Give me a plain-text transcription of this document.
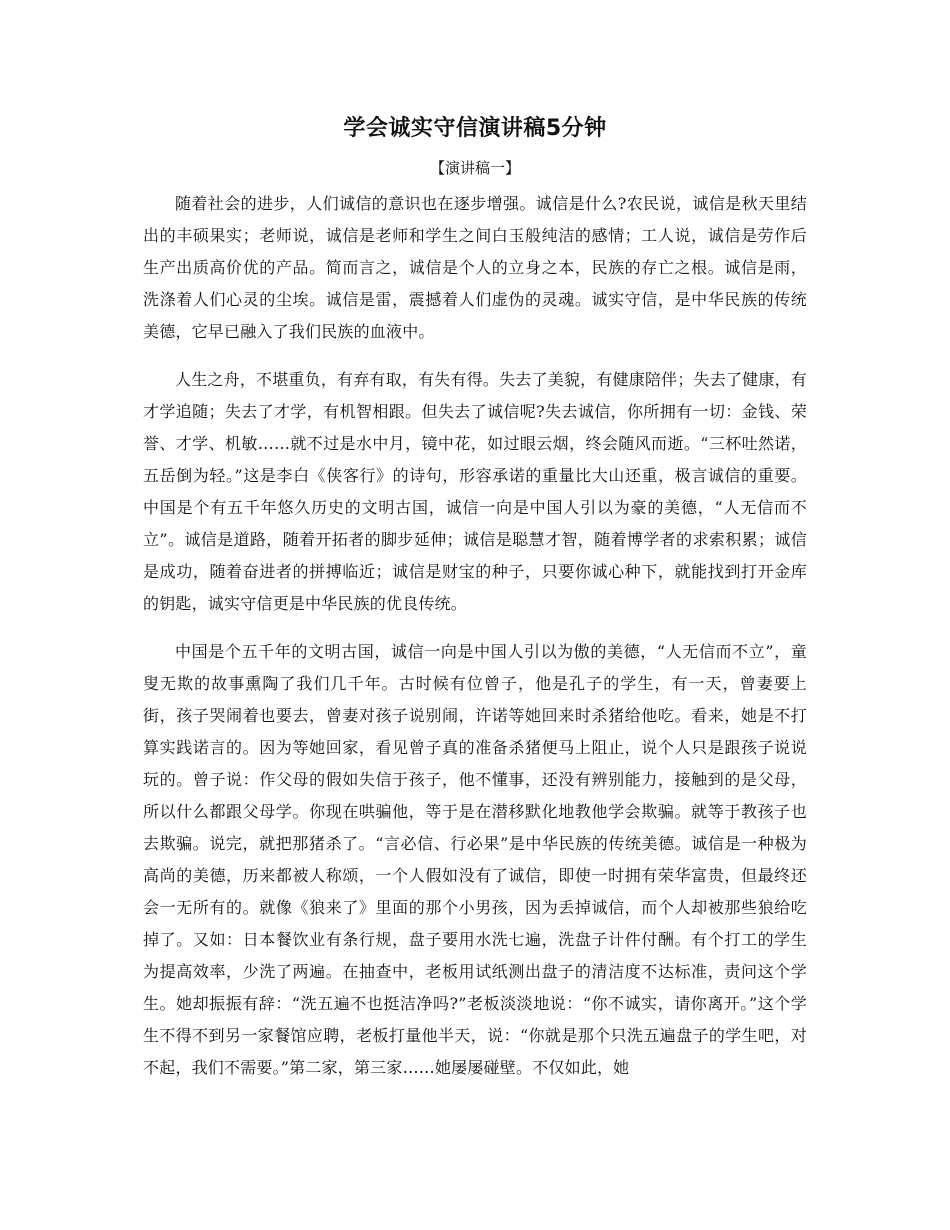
学会诚实守信演讲稿5分钟
【演讲稿一】

随着社会的进步，人们诚信的意识也在逐步增强。诚信是什么?农民说，诚信是秋天里结出的丰硕果实；老师说，诚信是老师和学生之间白玉般纯洁的感情；工人说，诚信是劳作后生产出质高价优的产品。简而言之，诚信是个人的立身之本，民族的存亡之根。诚信是雨，洗涤着人们心灵的尘埃。诚信是雷，震撼着人们虚伪的灵魂。诚实守信，是中华民族的传统美德，它早已融入了我们民族的血液中。

人生之舟，不堪重负，有弃有取，有失有得。失去了美貌，有健康陪伴；失去了健康，有才学追随；失去了才学，有机智相跟。但失去了诚信呢?失去诚信，你所拥有一切：金钱、荣誉、才学、机敏……就不过是水中月，镜中花，如过眼云烟，终会随风而逝。“三杯吐然诺，五岳倒为轻。”这是李白《侠客行》的诗句，形容承诺的重量比大山还重，极言诚信的重要。中国是个有五千年悠久历史的文明古国，诚信一向是中国人引以为豪的美德，“人无信而不立”。诚信是道路，随着开拓者的脚步延伸；诚信是聪慧才智，随着博学者的求索积累；诚信是成功，随着奋进者的拼搏临近；诚信是财宝的种子，只要你诚心种下，就能找到打开金库的钥匙，诚实守信更是中华民族的优良传统。

中国是个五千年的文明古国，诚信一向是中国人引以为傲的美德，“人无信而不立”，童叟无欺的故事熏陶了我们几千年。古时候有位曾子，他是孔子的学生，有一天，曾妻要上街，孩子哭闹着也要去，曾妻对孩子说别闹，许诺等她回来时杀猪给他吃。看来，她是不打算实践诺言的。因为等她回家，看见曾子真的准备杀猪便马上阻止，说个人只是跟孩子说说玩的。曾子说：作父母的假如失信于孩子，他不懂事，还没有辨别能力，接触到的是父母，所以什么都跟父母学。你现在哄骗他，等于是在潜移默化地教他学会欺骗。就等于教孩子也去欺骗。说完，就把那猪杀了。“言必信、行必果”是中华民族的传统美德。诚信是一种极为高尚的美德，历来都被人称颂，一个人假如没有了诚信，即使一时拥有荣华富贵，但最终还会一无所有的。就像《狼来了》里面的那个小男孩，因为丢掉诚信，而个人却被那些狼给吃掉了。又如：日本餐饮业有条行规，盘子要用水洗七遍，洗盘子计件付酬。有个打工的学生为提高效率，少洗了两遍。在抽查中，老板用试纸测出盘子的清洁度不达标准，责问这个学生。她却振振有辞：“洗五遍不也挺洁净吗?”老板淡淡地说：“你不诚实，请你离开。”这个学生不得不到另一家餐馆应聘，老板打量他半天，说：“你就是那个只洗五遍盘子的学生吧，对不起，我们不需要。”第二家，第三家……她屡屡碰壁。不仅如此，她
